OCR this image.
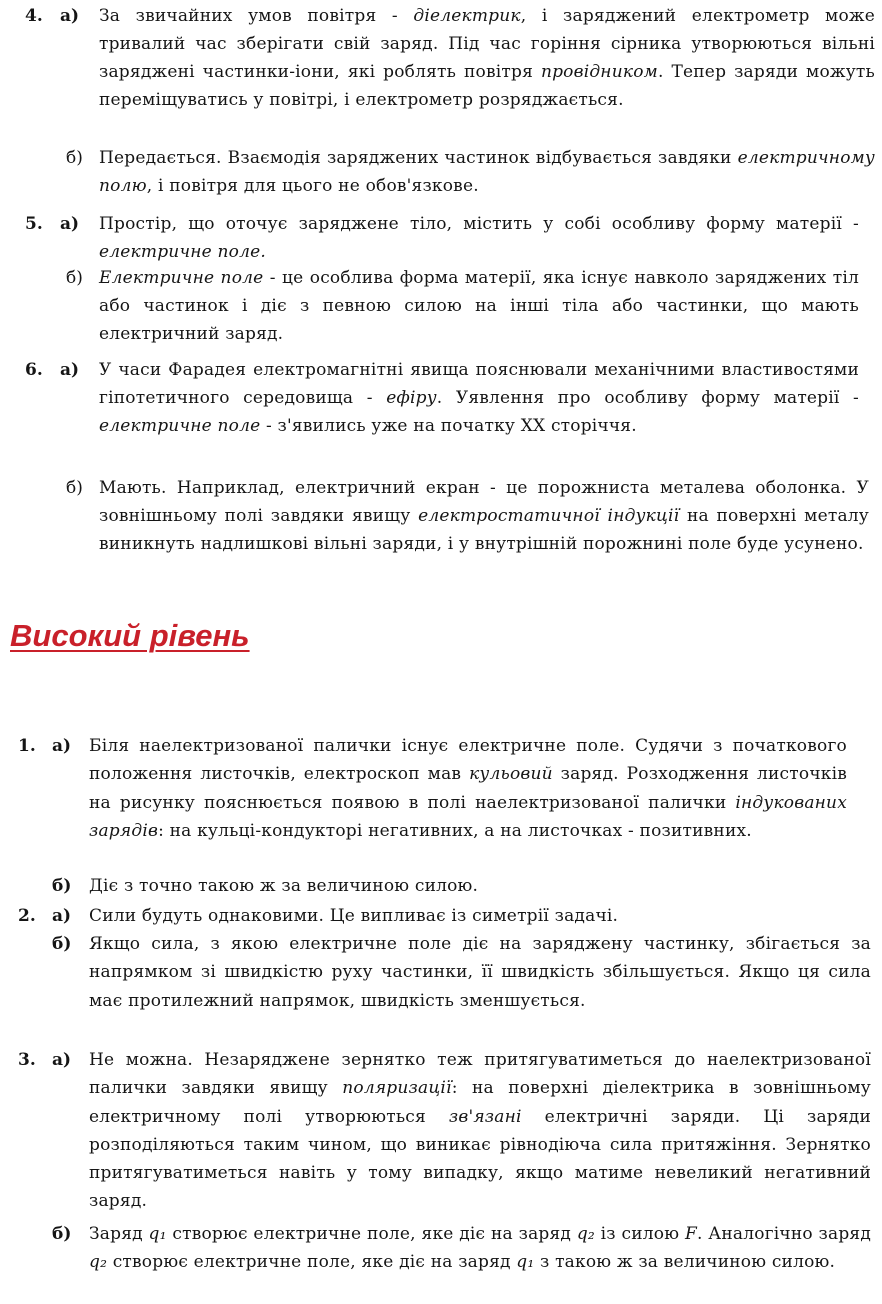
4. а) За звичайних умов повітря - діелектрик, і заряджений електрометр може тривалий час зберігати свій заряд. Під час горіння сірника утворюються вільні заряджені частинки-іони, які роблять повітря провідником. Тепер заряди можуть переміщуватись у повітрі, і електрометр розряджається.
б) Передається. Взаємодія заряджених частинок відбувається завдяки електричному полю, і повітря для цього не обов'язкове.
5. а) Простір, що оточує заряджене тіло, містить у собі особливу форму матерії - електричне поле.
б) Електричне поле - це особлива форма матерії, яка існує навколо заряджених тіл або частинок і діє з певною силою на інші тіла або частинки, що мають електричний заряд.
6. а) У часи Фарадея електромагнітні явища пояснювали механічними властивостями гіпотетичного середовища - ефіру. Уявлення про особливу форму матерії - електричне поле - з'явились уже на початку XX сторіччя.
б) Мають. Наприклад, електричний екран - це порожниста металева оболонка. У зовнішньому полі завдяки явищу електростатичної індукції на поверхні металу виникнуть надлишкові вільні заряди, і у внутрішній порожнині поле буде усунено.
Високий рівень
1. а) Біля наелектризованої палички існує електричне поле. Судячи з початкового положення листочків, електроскоп мав кульовий заряд. Розходження листочків на рисунку пояснюється появою в полі наелектризованої палички індукованих зарядів: на кульці-кондукторі негативних, а на листочках - позитивних.
б) Діє з точно такою ж за величиною силою.
2. а) Сили будуть однаковими. Це випливає із симетрії задачі.
б) Якщо сила, з якою електричне поле діє на заряджену частинку, збігається за напрямком зі швидкістю руху частинки, її швидкість збільшується. Якщо ця сила має протилежний напрямок, швидкість зменшується.
3. а) Не можна. Незаряджене зернятко теж притягуватиметься до наелектризованої палички завдяки явищу поляризації: на поверхні діелектрика в зовнішньому електричному полі утворюються зв'язані електричні заряди. Ці заряди розподіляються таким чином, що виникає рівнодіюча сила притяжіння. Зернятко притягуватиметься навіть у тому випадку, якщо матиме невеликий негативний заряд.
б) Заряд q₁ створює електричне поле, яке діє на заряд q₂ із силою F. Аналогічно заряд q₂ створює електричне поле, яке діє на заряд q₁ з такою ж за величиною силою.
